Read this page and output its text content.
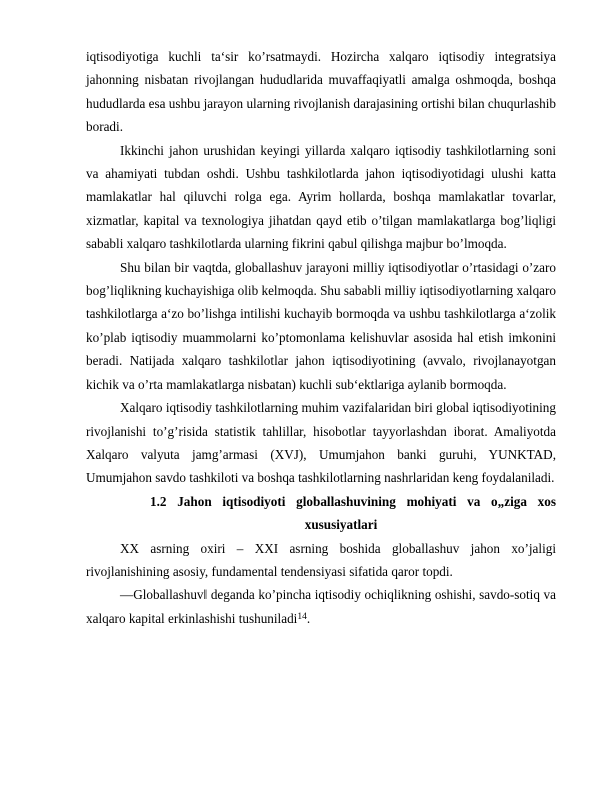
iqtisodiyotiga kuchli ta‘sir ko’rsatmaydi. Hozircha xalqaro iqtisodiy integratsiya jahonning nisbatan rivojlangan hududlarida muvaffaqiyatli amalga oshmoqda, boshqa hududlarda esa ushbu jarayon ularning rivojlanish darajasining ortishi bilan chuqurlashib boradi.

Ikkinchi jahon urushidan keyingi yillarda xalqaro iqtisodiy tashkilotlarning soni va ahamiyati tubdan oshdi. Ushbu tashkilotlarda jahon iqtisodiyotidagi ulushi katta mamlakatlar hal qiluvchi rolga ega. Ayrim hollarda, boshqa mamlakatlar tovarlar, xizmatlar, kapital va texnologiya jihatdan qayd etib o’tilgan mamlakatlarga bog’liqligi sababli xalqaro tashkilotlarda ularning fikrini qabul qilishga majbur bo’lmoqda.

Shu bilan bir vaqtda, globallashuv jarayoni milliy iqtisodiyotlar o’rtasidagi o’zaro bog’liqlikning kuchayishiga olib kelmoqda. Shu sababli milliy iqtisodiyotlarning xalqaro tashkilotlarga a‘zo bo’lishga intilishi kuchayib bormoqda va ushbu tashkilotlarga a‘zolik ko’plab iqtisodiy muammolarni ko’ptomonlama kelishuvlar asosida hal etish imkonini beradi. Natijada xalqaro tashkilotlar jahon iqtisodiyotining (avvalo, rivojlanayotgan kichik va o’rta mamlakatlarga nisbatan) kuchli sub‘ektlariga aylanib bormoqda.

Xalqaro iqtisodiy tashkilotlarning muhim vazifalaridan biri global iqtisodiyotining rivojlanishi to’g’risida statistik tahlillar, hisobotlar tayyorlashdan iborat. Amaliyotda Xalqaro valyuta jamg’armasi (XVJ), Umumjahon banki guruhi, YUNKTAD, Umumjahon savdo tashkiloti va boshqa tashkilotlarning nashrlaridan keng foydalaniladi.

1.2 Jahon iqtisodiyoti globallashuvining mohiyati va o„ziga xos
xususiyatlari

XX asrning oxiri – XXI asrning boshida globallashuv jahon xo’jaligi rivojlanishining asosiy, fundamental tendensiyasi sifatida qaror topdi.

―Globallashuv‖ deganda ko’pincha iqtisodiy ochiqlikning oshishi, savdo-sotiq va xalqaro kapital erkinlashishi tushuniladi$^{14}$.
